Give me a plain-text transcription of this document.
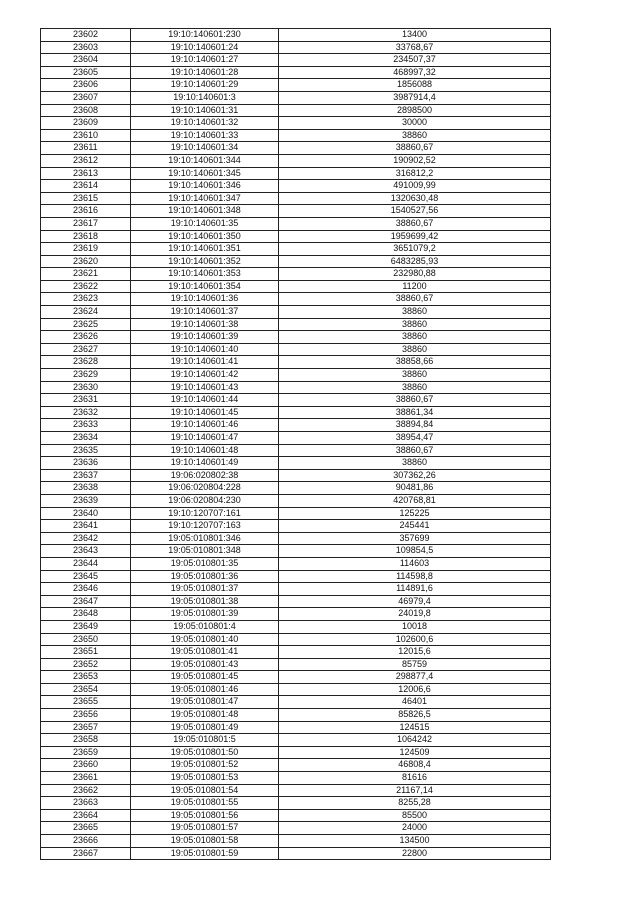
23602	19:10:140601:230	13400
23603	19:10:140601:24	33768,67
23604	19:10:140601:27	234507,37
23605	19:10:140601:28	468997,32
23606	19:10:140601:29	1856088
23607	19:10:140601:3	3987914,4
23608	19:10:140601:31	2898500
23609	19:10:140601:32	30000
23610	19:10:140601:33	38860
23611	19:10:140601:34	38860,67
23612	19:10:140601:344	190902,52
23613	19:10:140601:345	316812,2
23614	19:10:140601:346	491009,99
23615	19:10:140601:347	1320630,48
23616	19:10:140601:348	1540527,56
23617	19:10:140601:35	38860,67
23618	19:10:140601:350	1959699,42
23619	19:10:140601:351	3651079,2
23620	19:10:140601:352	6483285,93
23621	19:10:140601:353	232980,88
23622	19:10:140601:354	11200
23623	19:10:140601:36	38860,67
23624	19:10:140601:37	38860
23625	19:10:140601:38	38860
23626	19:10:140601:39	38860
23627	19:10:140601:40	38860
23628	19:10:140601:41	38858,66
23629	19:10:140601:42	38860
23630	19:10:140601:43	38860
23631	19:10:140601:44	38860,67
23632	19:10:140601:45	38861,34
23633	19:10:140601:46	38894,84
23634	19:10:140601:47	38954,47
23635	19:10:140601:48	38860,67
23636	19:10:140601:49	38860
23637	19:06:020802:38	307362,26
23638	19:06:020804:228	90481,86
23639	19:06:020804:230	420768,81
23640	19:10:120707:161	125225
23641	19:10:120707:163	245441
23642	19:05:010801:346	357699
23643	19:05:010801:348	109854,5
23644	19:05:010801:35	114603
23645	19:05:010801:36	114598,8
23646	19:05:010801:37	114891,6
23647	19:05:010801:38	46979,4
23648	19:05:010801:39	24019,8
23649	19:05:010801:4	10018
23650	19:05:010801:40	102600,6
23651	19:05:010801:41	12015,6
23652	19:05:010801:43	85759
23653	19:05:010801:45	298877,4
23654	19:05:010801:46	12006,6
23655	19:05:010801:47	46401
23656	19:05:010801:48	85826,5
23657	19:05:010801:49	124515
23658	19:05:010801:5	1064242
23659	19:05:010801:50	124509
23660	19:05:010801:52	46808,4
23661	19:05:010801:53	81616
23662	19:05:010801:54	21167,14
23663	19:05:010801:55	8255,28
23664	19:05:010801:56	85500
23665	19:05:010801:57	24000
23666	19:05:010801:58	134500
23667	19:05:010801:59	22800
